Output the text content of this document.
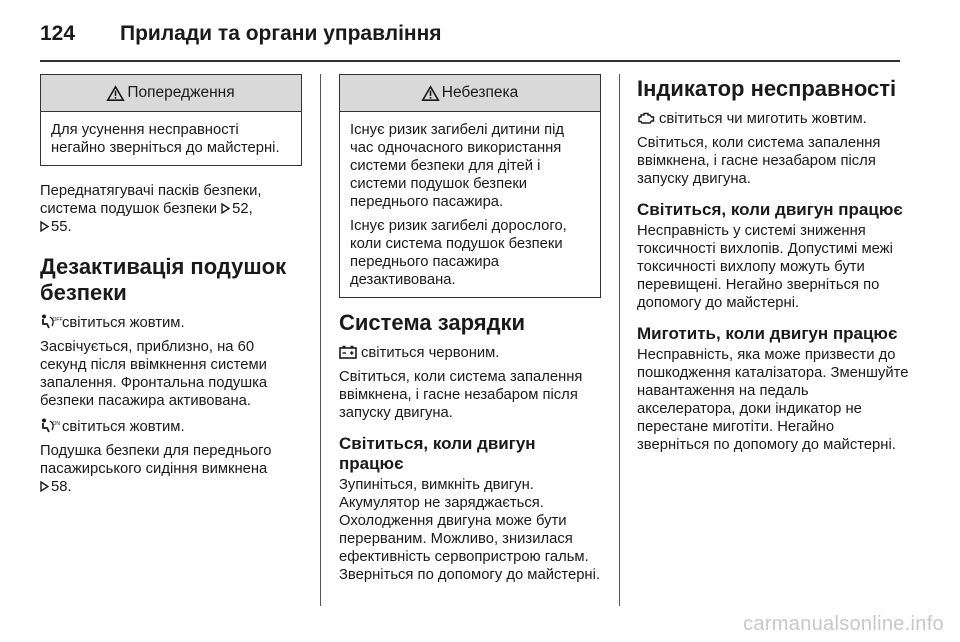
124	Прилади та органи управління
Попередження

Для усунення несправності негайно зверніться до майстерні.

Переднатягувачі пасків безпеки, система подушок безпеки 52,
55.

Дезактивація подушок безпеки

OFF світиться жовтим.

Засвічується, приблизно, на 60 секунд після ввімкнення системи запалення. Фронтальна подушка безпеки пасажира активована.

ON світиться жовтим.

Подушка безпеки для переднього пасажирського сидіння вимкнена
58.

Небезпека

Існує ризик загибелі дитини під час одночасного використання системи безпеки для дітей і системи подушок безпеки переднього пасажира.

Існує ризик загибелі дорослого, коли система подушок безпеки переднього пасажира дезактивована.

Система зарядки

світиться червоним.

Світиться, коли система запалення ввімкнена, і гасне незабаром після запуску двигуна.

Світиться, коли двигун працює

Зупиніться, вимкніть двигун. Акумулятор не заряджається. Охолодження двигуна може бути перерваним. Можливо, знизилася ефективність сервопристрою гальм. Зверніться по допомогу до майстерні.

Індикатор несправності

світиться чи миготить жовтим.

Світиться, коли система запалення ввімкнена, і гасне незабаром після запуску двигуна.

Світиться, коли двигун працює

Несправність у системі зниження токсичності вихлопів. Допустимі межі токсичності вихлопу можуть бути перевищені. Негайно зверніться по допомогу до майстерні.

Миготить, коли двигун працює

Несправність, яка може призвести до пошкодження каталізатора. Зменшуйте навантаження на педаль акселератора, доки індикатор не перестане миготіти. Негайно зверніться по допомогу до майстерні.

carmanualsonline.info
